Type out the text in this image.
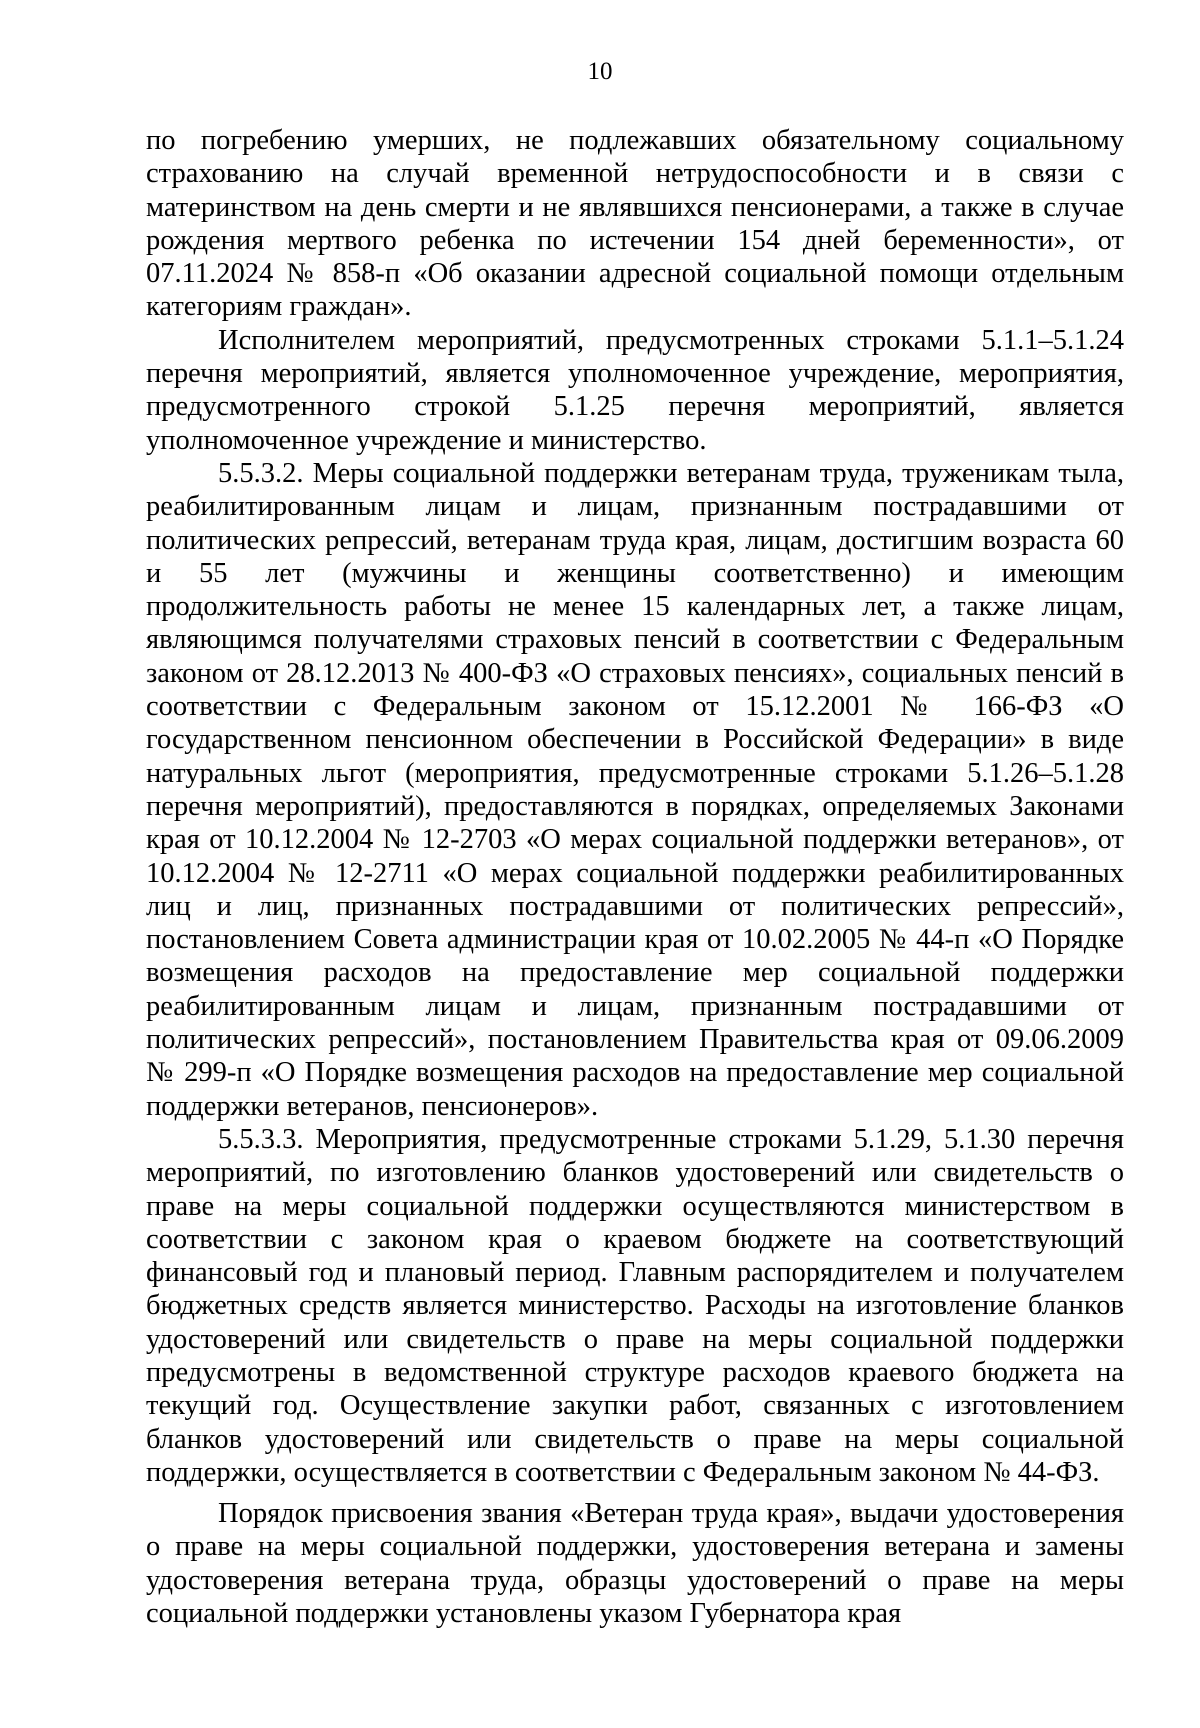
10

по погребению умерших, не подлежавших обязательному социальному страхованию на случай временной нетрудоспособности и в связи с материнством на день смерти и не являвшихся пенсионерами, а также в случае рождения мертвого ребенка по истечении 154 дней беременности», от 07.11.2024 № 858-п «Об оказании адресной социальной помощи отдельным категориям граждан».

Исполнителем мероприятий, предусмотренных строками 5.1.1–5.1.24 перечня мероприятий, является уполномоченное учреждение, мероприятия, предусмотренного строкой 5.1.25 перечня мероприятий, является уполномоченное учреждение и министерство.

5.5.3.2. Меры социальной поддержки ветеранам труда, труженикам тыла, реабилитированным лицам и лицам, признанным пострадавшими от политических репрессий, ветеранам труда края, лицам, достигшим возраста 60 и 55 лет (мужчины и женщины соответственно) и имеющим продолжительность работы не менее 15 календарных лет, а также лицам, являющимся получателями страховых пенсий в соответствии с Федеральным законом от 28.12.2013 № 400-ФЗ «О страховых пенсиях», социальных пенсий в соответствии с Федеральным законом от 15.12.2001 № 166-ФЗ «О государственном пенсионном обеспечении в Российской Федерации» в виде натуральных льгот (мероприятия, предусмотренные строками 5.1.26–5.1.28 перечня мероприятий), предоставляются в порядках, определяемых Законами края от 10.12.2004 № 12-2703 «О мерах социальной поддержки ветеранов», от 10.12.2004 № 12-2711 «О мерах социальной поддержки реабилитированных лиц и лиц, признанных пострадавшими от политических репрессий», постановлением Совета администрации края от 10.02.2005 № 44-п «О Порядке возмещения расходов на предоставление мер социальной поддержки реабилитированным лицам и лицам, признанным пострадавшими от политических репрессий», постановлением Правительства края от 09.06.2009 № 299-п «О Порядке возмещения расходов на предоставление мер социальной поддержки ветеранов, пенсионеров».

5.5.3.3. Мероприятия, предусмотренные строками 5.1.29, 5.1.30 перечня мероприятий, по изготовлению бланков удостоверений или свидетельств о праве на меры социальной поддержки осуществляются министерством в соответствии с законом края о краевом бюджете на соответствующий финансовый год и плановый период. Главным распорядителем и получателем бюджетных средств является министерство. Расходы на изготовление бланков удостоверений или свидетельств о праве на меры социальной поддержки предусмотрены в ведомственной структуре расходов краевого бюджета на текущий год. Осуществление закупки работ, связанных с изготовлением бланков удостоверений или свидетельств о праве на меры социальной поддержки, осуществляется в соответствии с Федеральным законом № 44-ФЗ.

Порядок присвоения звания «Ветеран труда края», выдачи удостоверения о праве на меры социальной поддержки, удостоверения ветерана и замены удостоверения ветерана труда, образцы удостоверений о праве на меры социальной поддержки установлены указом Губернатора края
